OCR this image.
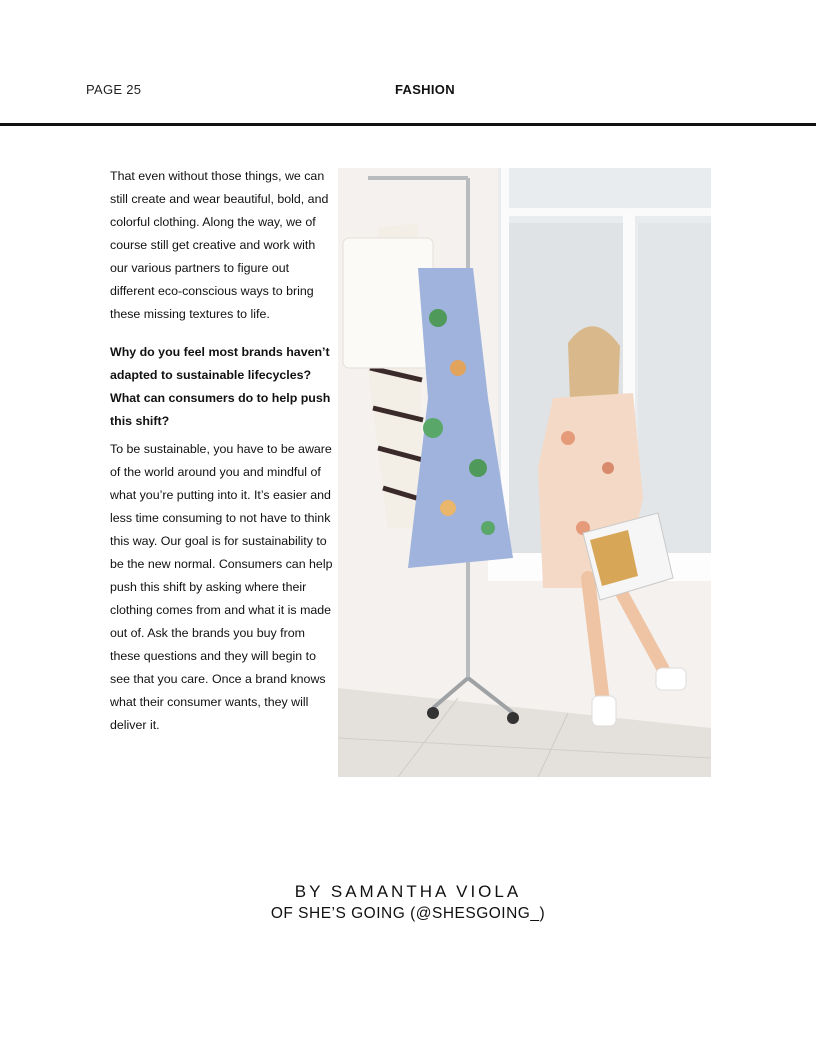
PAGE 25	FASHION

That even without those things, we can still create and wear beautiful, bold, and colorful clothing. Along the way, we of course still get creative and work with our various partners to figure out different eco-conscious ways to bring these missing textures to life.

Why do you feel most brands haven’t adapted to sustainable lifecycles? What can consumers do to help push this shift?

To be sustainable, you have to be aware of the world around you and mindful of what you’re putting into it. It’s easier and less time consuming to not have to think this way. Our goal is for sustainability to be the new normal. Consumers can help push this shift by asking where their clothing comes from and what it is made out of. Ask the brands you buy from these questions and they will begin to see that you care. Once a brand knows what their consumer wants, they will deliver it.

BY SAMANTHA VIOLA
OF SHE’S GOING (@SHESGOING_)
